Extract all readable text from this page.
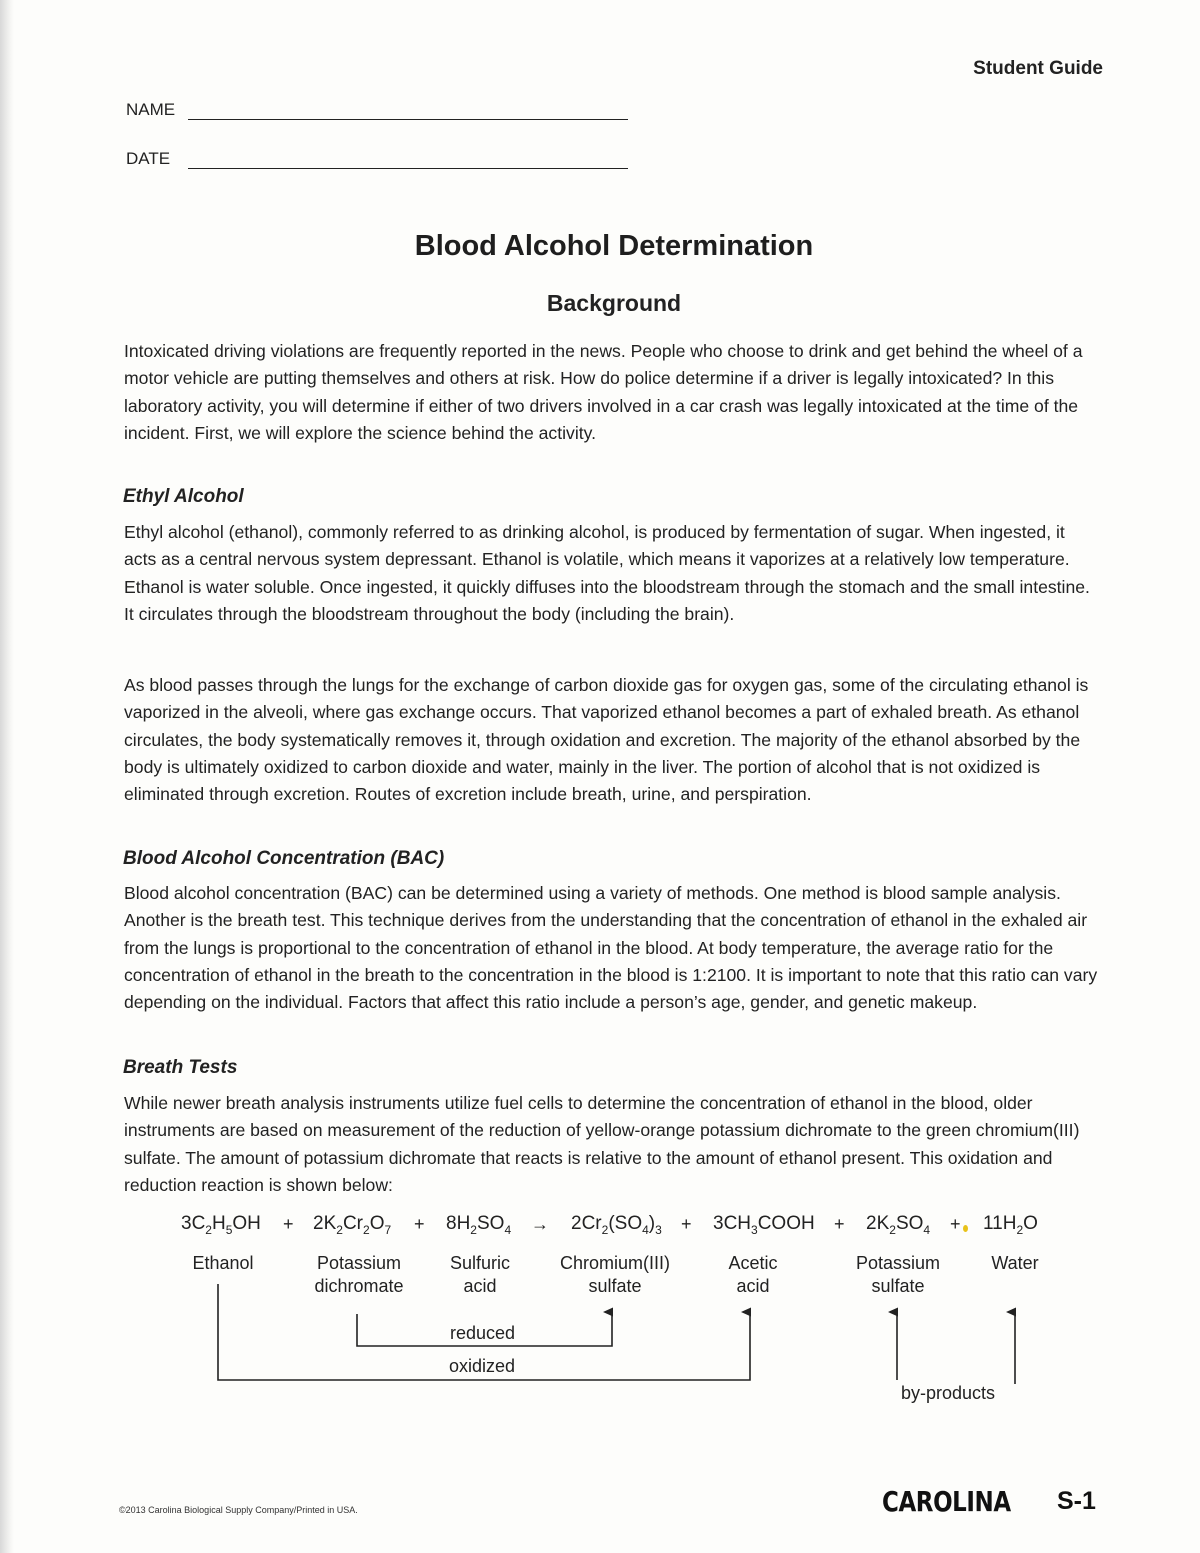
Student Guide
NAME
DATE
Blood Alcohol Determination
Background

Intoxicated driving violations are frequently reported in the news. People who choose to drink and get behind the wheel of a motor vehicle are putting themselves and others at risk. How do police determine if a driver is legally intoxicated? In this laboratory activity, you will determine if either of two drivers involved in a car crash was legally intoxicated at the time of the incident. First, we will explore the science behind the activity.

Ethyl Alcohol

Ethyl alcohol (ethanol), commonly referred to as drinking alcohol, is produced by fermentation of sugar. When ingested, it acts as a central nervous system depressant. Ethanol is volatile, which means it vaporizes at a relatively low temperature. Ethanol is water soluble. Once ingested, it quickly diffuses into the bloodstream through the stomach and the small intestine. It circulates through the bloodstream throughout the body (including the brain).

As blood passes through the lungs for the exchange of carbon dioxide gas for oxygen gas, some of the circulating ethanol is vaporized in the alveoli, where gas exchange occurs. That vaporized ethanol becomes a part of exhaled breath. As ethanol circulates, the body systematically removes it, through oxidation and excretion. The majority of the ethanol absorbed by the body is ultimately oxidized to carbon dioxide and water, mainly in the liver. The portion of alcohol that is not oxidized is eliminated through excretion. Routes of excretion include breath, urine, and perspiration.

Blood Alcohol Concentration (BAC)

Blood alcohol concentration (BAC) can be determined using a variety of methods. One method is blood sample analysis. Another is the breath test. This technique derives from the understanding that the concentration of ethanol in the exhaled air from the lungs is proportional to the concentration of ethanol in the blood. At body temperature, the average ratio for the concentration of ethanol in the breath to the concentration in the blood is 1:2100. It is important to note that this ratio can vary depending on the individual. Factors that affect this ratio include a person’s age, gender, and genetic makeup.

Breath Tests

While newer breath analysis instruments utilize fuel cells to determine the concentration of ethanol in the blood, older instruments are based on measurement of the reduction of yellow-orange potassium dichromate to the green chromium(III) sulfate. The amount of potassium dichromate that reacts is relative to the amount of ethanol present. This oxidation and reduction reaction is shown below:

$3C_2H_5OH + 2K_2Cr_2O_7 + 8H_2SO_4 \to 2Cr_2(SO_4)_3$ + $3CH_3COOH + 2K_2SO_4 + 11H_2O$
Ethanol	Potassium
dichromate
Sulfuric
acid
Chromium(III)
sulfate
Acetic
acid
Potassium
sulfate
Water
reduced
oxidized
by-products
©2013 Carolina Biological Supply Company/Printed in USA.	CAROLINA S-1
